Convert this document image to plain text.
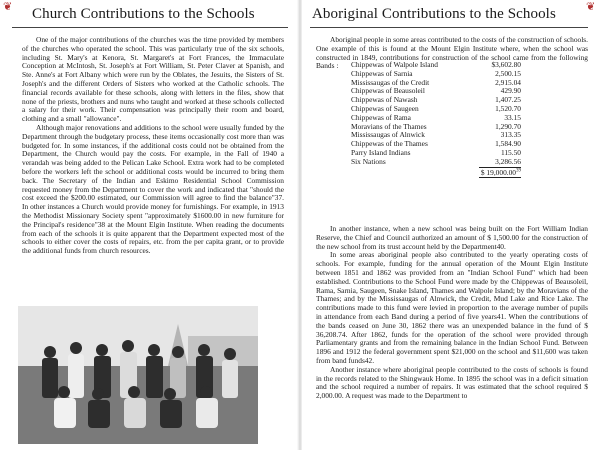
❦ Church Contributions to the Schools

One of the major contributions of the churches was the time provided by members of the churches who operated the school. This was particularly true of the six schools, including St. Mary's at Kenora, St. Margaret's at Fort Frances, the Immaculate Conception at McIntosh, St. Joseph's at Fort William, St. Peter Claver at Spanish, and Ste. Anne's at Fort Albany which were run by the Oblates, the Jesuits, the Sisters of St. Joseph's and the different Orders of Sisters who worked at the Catholic schools. The financial records available for these schools, along with letters in the files, show that none of the priests, brothers and nuns who taught and worked at these schools collected a salary for their work. Their compensation was principally their room and board, clothing and a small "allowance".

Although major renovations and additions to the school were usually funded by the Department through the budgetary process, these items occasionally cost more than was budgeted for. In some instances, if the additional costs could not be obtained from the Department, the Church would pay the costs. For example, in the Fall of 1940 a verandah was being added to the Pelican Lake School. Extra work had to be completed before the workers left the school or additional costs would be incurred to bring them back. The Secretary of the Indian and Eskimo Residential School Commission requested money from the Department to cover the work and indicated that "should the cost exceed the $200.00 estimated, our Commission will agree to find the balance"37. In other instances a Church would provide money for furnishings. For example, in 1913 the Methodist Missionary Society spent "approximately $1600.00 in new furniture for the Principal's residence"38 at the Mount Elgin Institute. When reading the documents from each of the schools it is quite apparent that the Department expected most of the schools to either cover the costs of repairs, etc. from the per capita grant, or to provide the additional funds from church resources.

❦
Aboriginal Contributions to the Schools

Aboriginal people in some areas contributed to the costs of the construction of schools. One example of this is found at the Mount Elgin Institute where, when the school was constructed in 1849, contributions for construction of the school came from the following Bands :	Chippewas of Walpole Island	$3,602.80
Chippewas of Sarnia	2,500.15
Mississaugas of the Credit	2,915.04
Chippewas of Beausoleil	429.90
Chippewas of Nawash	1,407.25
Chippewas of Saugeen	1,520.70
Chippewas of Rama	33.15
Moravians of the Thames	1,290.70
Mississaugas of Alnwick	313.35
Chippewas of the Thames	1,584.90
Parry Island Indians	115.50
Six Nations	3,286.56
	$ 19,000.00$^{39}$

In another instance, when a new school was being built on the Fort William Indian Reserve, the Chief and Council authorized an amount of $ 1,500.00 for the construction of the new school from its trust account held by the Department40.

In some areas aboriginal people also contributed to the yearly operating costs of schools. For example, funding for the annual operation of the Mount Elgin Institute between 1851 and 1862 was provided from an "Indian School Fund" which had been established. Contributions to the School Fund were made by the Chippewas of Beausoleil, Rama, Sarnia, Saugeen, Snake Island, Thames and Walpole Island; by the Moravians of the Thames; and by the Mississaugas of Alnwick, the Credit, Mud Lake and Rice Lake. The contributions made to this fund were levied in proportion to the average number of pupils in attendance from each Band during a period of five years41. When the contributions of the bands ceased on June 30, 1862 there was an unexpended balance in the fund of $ 36,208.74. After 1862, funds for the operation of the school were provided through Parliamentary grants and from the remaining balance in the Indian School Fund. Between 1896 and 1912 the federal government spent $21,000 on the school and $11,600 was taken from band funds42.

Another instance where aboriginal people contributed to the costs of schools is found in the records related to the Shingwauk Home. In 1895 the school was in a deficit situation and the school required a number of repairs. It was estimated that the school required $ 2,000.00. A request was made to the Department to
